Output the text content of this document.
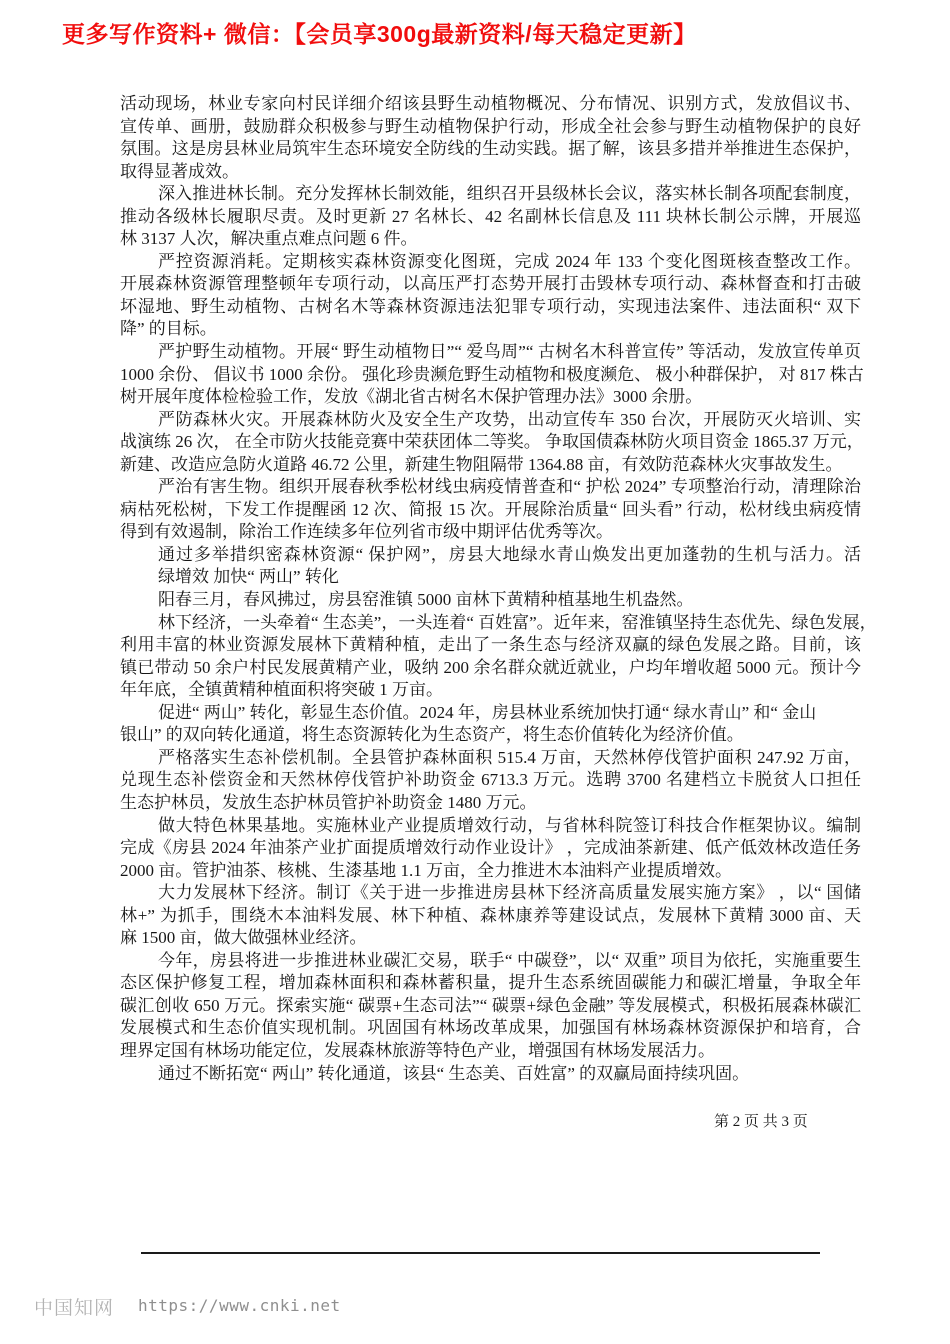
更多写作资料+ 微信：【会员享300g最新资料/每天稳定更新】
活动现场，林业专家向村民详细介绍该县野生动植物概况、分布情况、识别方式，发放倡议书、
宣传单、画册，鼓励群众积极参与野生动植物保护行动，形成全社会参与野生动植物保护的良好
氛围。这是房县林业局筑牢生态环境安全防线的生动实践。据了解，该县多措并举推进生态保护，
取得显著成效。
深入推进林长制。充分发挥林长制效能，组织召开县级林长会议，落实林长制各项配套制度，
推动各级林长履职尽责。及时更新 27 名林长、42 名副林长信息及 111 块林长制公示牌，开展巡
林 3137 人次，解决重点难点问题 6 件。
严控资源消耗。定期核实森林资源变化图斑，完成 2024 年 133 个变化图斑核查整改工作。
开展森林资源管理整顿年专项行动，以高压严打态势开展打击毁林专项行动、森林督查和打击破
坏湿地、野生动植物、古树名木等森林资源违法犯罪专项行动，实现违法案件、违法面积“ 双下
降” 的目标。
严护野生动植物。开展“ 野生动植物日”“ 爱鸟周”“ 古树名木科普宣传” 等活动，发放宣传单页
1000 余份、 倡议书 1000 余份。 强化珍贵濒危野生动植物和极度濒危、 极小种群保护， 对 817 株古
树开展年度体检检验工作，发放《湖北省古树名木保护管理办法》3000 余册。
严防森林火灾。开展森林防火及安全生产攻势，出动宣传车 350 台次，开展防灭火培训、实
战演练 26 次， 在全市防火技能竞赛中荣获团体二等奖。 争取国债森林防火项目资金 1865.37 万元，
新建、改造应急防火道路 46.72 公里，新建生物阻隔带 1364.88 亩，有效防范森林火灾事故发生。
严治有害生物。组织开展春秋季松材线虫病疫情普查和“ 护松 2024” 专项整治行动，清理除治
病枯死松树，下发工作提醒函 12 次、简报 15 次。开展除治质量“ 回头看” 行动，松材线虫病疫情
得到有效遏制，除治工作连续多年位列省市级中期评估优秀等次。
通过多举措织密森林资源“ 保护网”，房县大地绿水青山焕发出更加蓬勃的生机与活力。活
绿增效 加快“ 两山” 转化
阳春三月，春风拂过，房县窑淮镇 5000 亩林下黄精种植基地生机盎然。
林下经济，一头牵着“ 生态美”，一头连着“ 百姓富”。近年来，窑淮镇坚持生态优先、绿色发展，
利用丰富的林业资源发展林下黄精种植，走出了一条生态与经济双赢的绿色发展之路。目前，该
镇已带动 50 余户村民发展黄精产业，吸纳 200 余名群众就近就业，户均年增收超 5000 元。预计今
年年底，全镇黄精种植面积将突破 1 万亩。
促进“ 两山” 转化，彰显生态价值。2024 年，房县林业系统加快打通“ 绿水青山” 和“ 金山
银山” 的双向转化通道，将生态资源转化为生态资产，将生态价值转化为经济价值。
严格落实生态补偿机制。全县管护森林面积 515.4 万亩，天然林停伐管护面积 247.92 万亩，
兑现生态补偿资金和天然林停伐管护补助资金 6713.3 万元。选聘 3700 名建档立卡脱贫人口担任
生态护林员，发放生态护林员管护补助资金 1480 万元。
做大特色林果基地。实施林业产业提质增效行动，与省林科院签订科技合作框架协议。编制
完成《房县 2024 年油茶产业扩面提质增效行动作业设计》 ，完成油茶新建、低产低效林改造任务
2000 亩。管护油茶、核桃、生漆基地 1.1 万亩，全力推进木本油料产业提质增效。
大力发展林下经济。制订《关于进一步推进房县林下经济高质量发展实施方案》 ，以“ 国储
林+” 为抓手，围绕木本油料发展、林下种植、森林康养等建设试点，发展林下黄精 3000 亩、天
麻 1500 亩，做大做强林业经济。
今年，房县将进一步推进林业碳汇交易，联手“ 中碳登”，以“ 双重” 项目为依托，实施重要生
态区保护修复工程，增加森林面积和森林蓄积量，提升生态系统固碳能力和碳汇增量，争取全年
碳汇创收 650 万元。探索实施“ 碳票+生态司法”“ 碳票+绿色金融” 等发展模式，积极拓展森林碳汇
发展模式和生态价值实现机制。巩固国有林场改革成果，加强国有林场森林资源保护和培育，合
理界定国有林场功能定位，发展森林旅游等特色产业，增强国有林场发展活力。
通过不断拓宽“ 两山” 转化通道，该县“ 生态美、百姓富” 的双赢局面持续巩固。
第 2 页 共 3 页
中国知网 https://www.cnki.net
